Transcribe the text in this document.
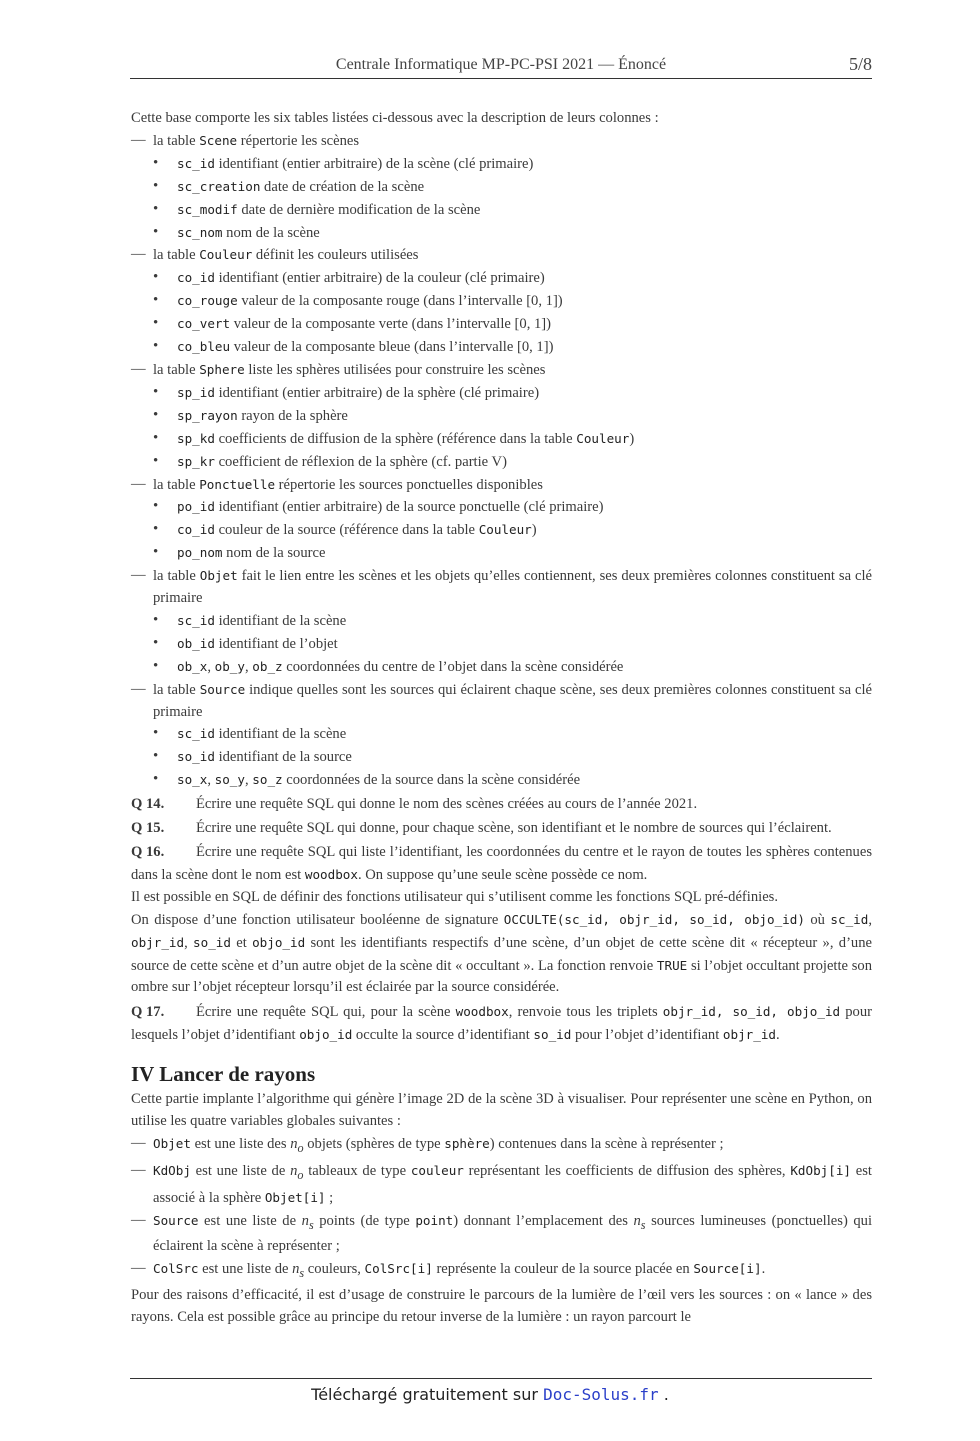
Centrale Informatique MP-PC-PSI 2021 — Énoncé	5/8

Cette base comporte les six tables listées ci-dessous avec la description de leurs colonnes :

— la table Scene répertorie les scènes
• sc_id identifiant (entier arbitraire) de la scène (clé primaire)
• sc_creation date de création de la scène
• sc_modif date de dernière modification de la scène
• sc_nom nom de la scène
— la table Couleur définit les couleurs utilisées
• co_id identifiant (entier arbitraire) de la couleur (clé primaire)
• co_rouge valeur de la composante rouge (dans l’intervalle [0, 1])
• co_vert valeur de la composante verte (dans l’intervalle [0, 1])
• co_bleu valeur de la composante bleue (dans l’intervalle [0, 1])
— la table Sphere liste les sphères utilisées pour construire les scènes
• sp_id identifiant (entier arbitraire) de la sphère (clé primaire)
• sp_rayon rayon de la sphère
• sp_kd coefficients de diffusion de la sphère (référence dans la table Couleur)
• sp_kr coefficient de réflexion de la sphère (cf. partie V)
— la table Ponctuelle répertorie les sources ponctuelles disponibles
• po_id identifiant (entier arbitraire) de la source ponctuelle (clé primaire)
• co_id couleur de la source (référence dans la table Couleur)
• po_nom nom de la source
— la table Objet fait le lien entre les scènes et les objets qu’elles contiennent, ses deux premières colonnes constituent sa clé primaire
• sc_id identifiant de la scène
• ob_id identifiant de l’objet
• ob_x, ob_y, ob_z coordonnées du centre de l’objet dans la scène considérée
— la table Source indique quelles sont les sources qui éclairent chaque scène, ses deux premières colonnes constituent sa clé primaire
• sc_id identifiant de la scène
• so_id identifiant de la source
• so_x, so_y, so_z coordonnées de la source dans la scène considérée

Q 14. Écrire une requête SQL qui donne le nom des scènes créées au cours de l’année 2021.

Q 15. Écrire une requête SQL qui donne, pour chaque scène, son identifiant et le nombre de sources qui l’éclairent.

Q 16. Écrire une requête SQL qui liste l’identifiant, les coordonnées du centre et le rayon de toutes les sphères contenues dans la scène dont le nom est woodbox. On suppose qu’une seule scène possède ce nom.

Il est possible en SQL de définir des fonctions utilisateur qui s’utilisent comme les fonctions SQL pré-définies.

On dispose d’une fonction utilisateur booléenne de signature OCCULTE(sc_id, objr_id, so_id, objo_id) où sc_id, objr_id, so_id et objo_id sont les identifiants respectifs d’une scène, d’un objet de cette scène dit « récepteur », d’une source de cette scène et d’un autre objet de la scène dit « occultant ». La fonction renvoie TRUE si l’objet occultant projette son ombre sur l’objet récepteur lorsqu’il est éclairée par la source considérée.

Q 17. Écrire une requête SQL qui, pour la scène woodbox, renvoie tous les triplets objr_id, so_id, objo_id pour lesquels l’objet d’identifiant objo_id occulte la source d’identifiant so_id pour l’objet d’identifiant objr_id.

IV Lancer de rayons

Cette partie implante l’algorithme qui génère l’image 2D de la scène 3D à visualiser. Pour représenter une scène en Python, on utilise les quatre variables globales suivantes :

— Objet est une liste des $n_o$ objets (sphères de type sphère) contenues dans la scène à représenter ;
— KdObj est une liste de $n_o$ tableaux de type couleur représentant les coefficients de diffusion des sphères, KdObj[i] est associé à la sphère Objet[i] ;
— Source est une liste de $n_s$ points (de type point) donnant l’emplacement des $n_s$ sources lumineuses (ponctuelles) qui éclairent la scène à représenter ;
— ColSrc est une liste de $n_s$ couleurs, ColSrc[i] représente la couleur de la source placée en Source[i].

Pour des raisons d’efficacité, il est d’usage de construire le parcours de la lumière de l’œil vers les sources : on « lance » des rayons. Cela est possible grâce au principe du retour inverse de la lumière : un rayon parcourt le

Téléchargé gratuitement sur Doc-Solus.fr .
